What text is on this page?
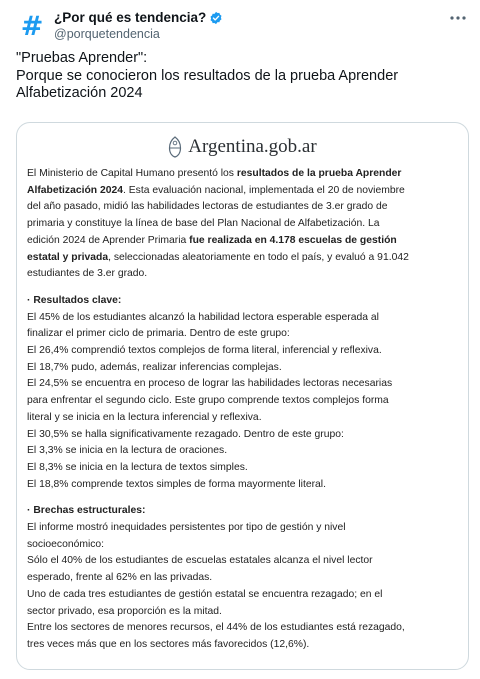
# ¿Por qué es tendencia?
@porquetendencia
"Pruebas Aprender":
Porque se conocieron los resultados de la prueba Aprender
Alfabetización 2024
Argentina.gob.ar

El Ministerio de Capital Humano presentó los resultados de la prueba Aprender
Alfabetización 2024. Esta evaluación nacional, implementada el 20 de noviembre
del año pasado, midió las habilidades lectoras de estudiantes de 3.er grado de
primaria y constituye la línea de base del Plan Nacional de Alfabetización. La
edición 2024 de Aprender Primaria fue realizada en 4.178 escuelas de gestión
estatal y privada, seleccionadas aleatoriamente en todo el país, y evaluó a 91.042
estudiantes de 3.er grado.

· Resultados clave:

El 45% de los estudiantes alcanzó la habilidad lectora esperable esperada al
finalizar el primer ciclo de primaria. Dentro de este grupo:
El 26,4% comprendió textos complejos de forma literal, inferencial y reflexiva.
El 18,7% pudo, además, realizar inferencias complejas.
El 24,5% se encuentra en proceso de lograr las habilidades lectoras necesarias
para enfrentar el segundo ciclo. Este grupo comprende textos complejos forma
literal y se inicia en la lectura inferencial y reflexiva.
El 30,5% se halla significativamente rezagado. Dentro de este grupo:
El 3,3% se inicia en la lectura de oraciones.
El 8,3% se inicia en la lectura de textos simples.
El 18,8% comprende textos simples de forma mayormente literal.

· Brechas estructurales:

El informe mostró inequidades persistentes por tipo de gestión y nivel
socioeconómico:
Sólo el 40% de los estudiantes de escuelas estatales alcanza el nivel lector
esperado, frente al 62% en las privadas.
Uno de cada tres estudiantes de gestión estatal se encuentra rezagado; en el
sector privado, esa proporción es la mitad.
Entre los sectores de menores recursos, el 44% de los estudiantes está rezagado,
tres veces más que en los sectores más favorecidos (12,6%).
